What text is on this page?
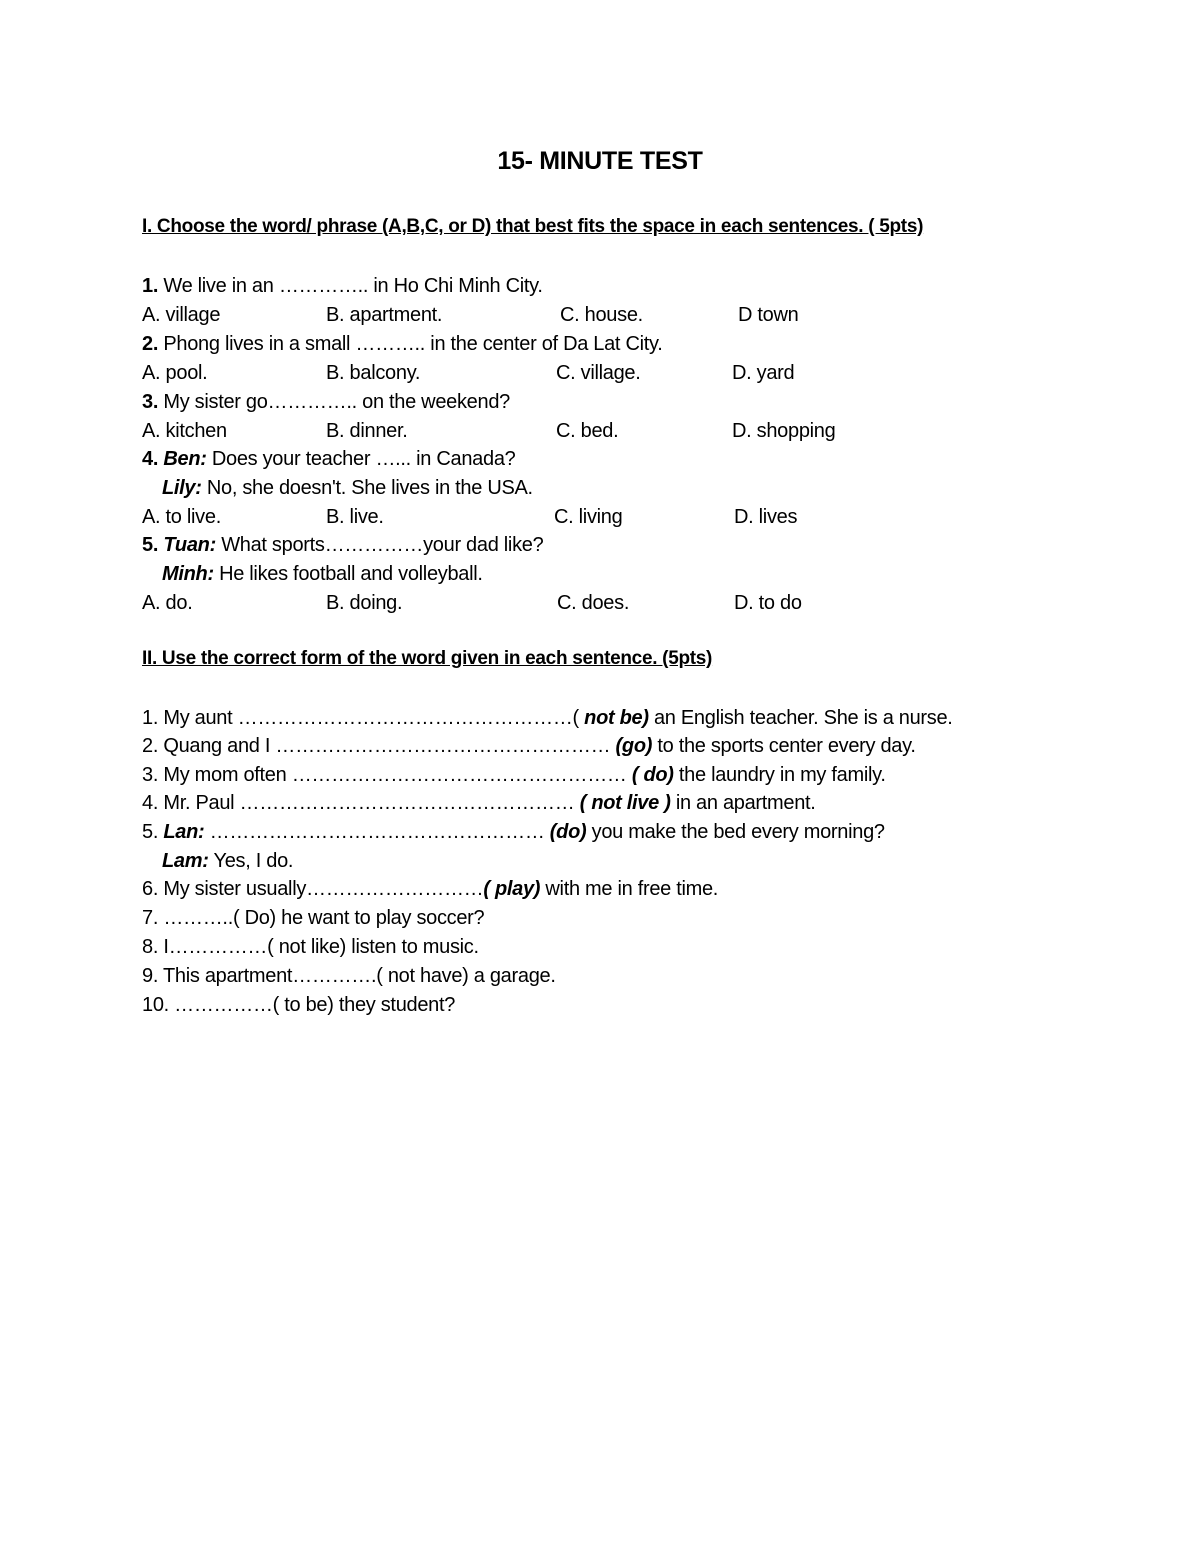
15- MINUTE TEST
I. Choose the word/ phrase (A,B,C, or D) that best fits the space in each sentences. ( 5pts)
1. We live in an ………….. in Ho Chi Minh City.
A. village	B. apartment.	C. house.	D town
2. Phong lives in a small ……….. in the center of Da Lat City.
A. pool.	B. balcony.	C. village.	D. yard
3. My sister go………….. on the weekend?
A. kitchen	B. dinner.	C. bed.	D. shopping
4. Ben: Does your teacher …... in Canada?
Lily: No, she doesn't. She lives in the USA.
A. to live.	B. live.	C. living	D. lives
5. Tuan: What sports……………your dad like?
Minh: He likes football and volleyball.
A. do.	B. doing.	C. does.	D. to do
II. Use the correct form of the word given in each sentence. (5pts)
1. My aunt ……………………………………………( not be) an English teacher. She is a nurse.
2. Quang and I …………………………………………… (go) to the sports center every day.
3. My mom often …………………………………………… ( do) the laundry in my family.
4. Mr. Paul …………………………………………… ( not live ) in an apartment.
5. Lan: …………………………………………… (do) you make the bed every morning?
Lam: Yes, I do.
6. My sister usually………………………( play) with me in free time.
7. ………..( Do) he want to play soccer?
8. I……………( not like) listen to music.
9. This apartment………….( not have) a garage.
10. ……………( to be) they student?
